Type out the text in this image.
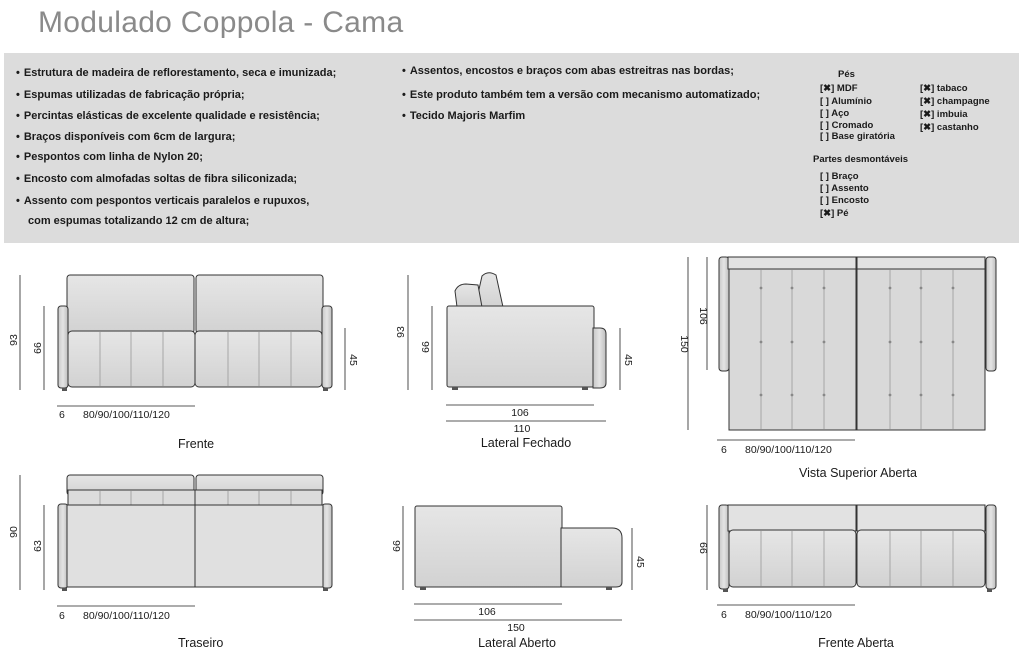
Modulado Coppola - Cama
• Estrutura de madeira de reflorestamento, seca e imunizada;
• Espumas utilizadas de fabricação própria;
• Percintas elásticas de excelente qualidade e resistência;
• Braços disponíveis com 6cm de largura;
• Pespontos com linha de Nylon 20;
• Encosto com almofadas soltas de fibra siliconizada;
• Assento com pespontos verticais paralelos e rupuxos,
com espumas totalizando 12 cm de altura;
• Assentos, encostos e braços com abas estreitras nas bordas;
• Este produto também tem a versão com mecanismo automatizado;
• Tecido Majoris Marfim
Pés
[✖] MDF
[ ] Alumínio
[ ] Aço
[ ] Cromado
[ ] Base giratória
[✖] tabaco
[✖] champagne
[✖] imbuia
[✖] castanho
Partes desmontáveis
[ ] Braço
[ ] Assento
[ ] Encosto
[✖] Pé
93
66
45
6 80/90/100/110/120
Frente
93
66
45
106
110
Lateral Fechado
106
150
6 80/90/100/110/120
Vista Superior Aberta
90
63
6 80/90/100/110/120
Traseiro
66
45
106
150
Lateral Aberto
66
6 80/90/100/110/120
Frente Aberta
